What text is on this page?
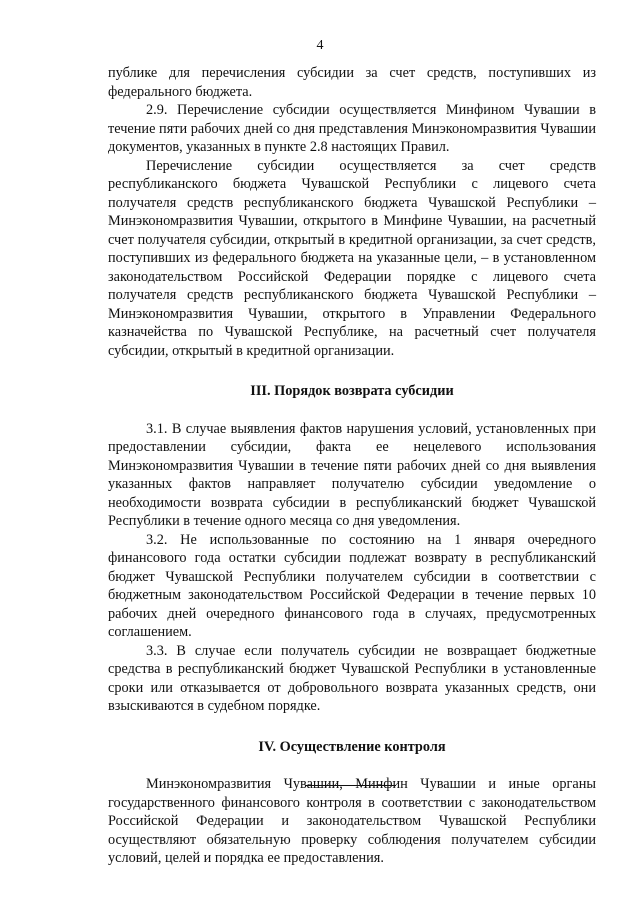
4

публике для перечисления субсидии за счет средств, поступивших из федерального бюджета.

2.9. Перечисление субсидии осуществляется Минфином Чувашии в течение пяти рабочих дней со дня представления Минэкономразвития Чувашии документов, указанных в пункте 2.8 настоящих Правил.

Перечисление субсидии осуществляется за счет средств республиканского бюджета Чувашской Республики с лицевого счета получателя средств республиканского бюджета Чувашской Республики – Минэкономразвития Чувашии, открытого в Минфине Чувашии, на расчетный счет получателя субсидии, открытый в кредитной организации, за счет средств, поступивших из федерального бюджета на указанные цели, – в установленном законодательством Российской Федерации порядке с лицевого счета получателя средств республиканского бюджета Чувашской Республики – Минэкономразвития Чувашии, открытого в Управлении Федерального казначейства по Чувашской Республике, на расчетный счет получателя субсидии, открытый в кредитной организации.

III. Порядок возврата субсидии

3.1. В случае выявления фактов нарушения условий, установленных при предоставлении субсидии, факта ее нецелевого использования Минэкономразвития Чувашии в течение пяти рабочих дней со дня выявления указанных фактов направляет получателю субсидии уведомление о необходимости возврата субсидии в республиканский бюджет Чувашской Республики в течение одного месяца со дня уведомления.

3.2. Не использованные по состоянию на 1 января очередного финансового года остатки субсидии подлежат возврату в республиканский бюджет Чувашской Республики получателем субсидии в соответствии с бюджетным законодательством Российской Федерации в течение первых 10 рабочих дней очередного финансового года в случаях, предусмотренных соглашением.

3.3. В случае если получатель субсидии не возвращает бюджетные средства в республиканский бюджет Чувашской Республики в установленные сроки или отказывается от добровольного возврата указанных средств, они взыскиваются в судебном порядке.

IV. Осуществление контроля

Минэкономразвития Чувашии, Минфин Чувашии и иные органы государственного финансового контроля в соответствии с законодательством Российской Федерации и законодательством Чувашской Республики осуществляют обязательную проверку соблюдения получателем субсидии условий, целей и порядка ее предоставления.
